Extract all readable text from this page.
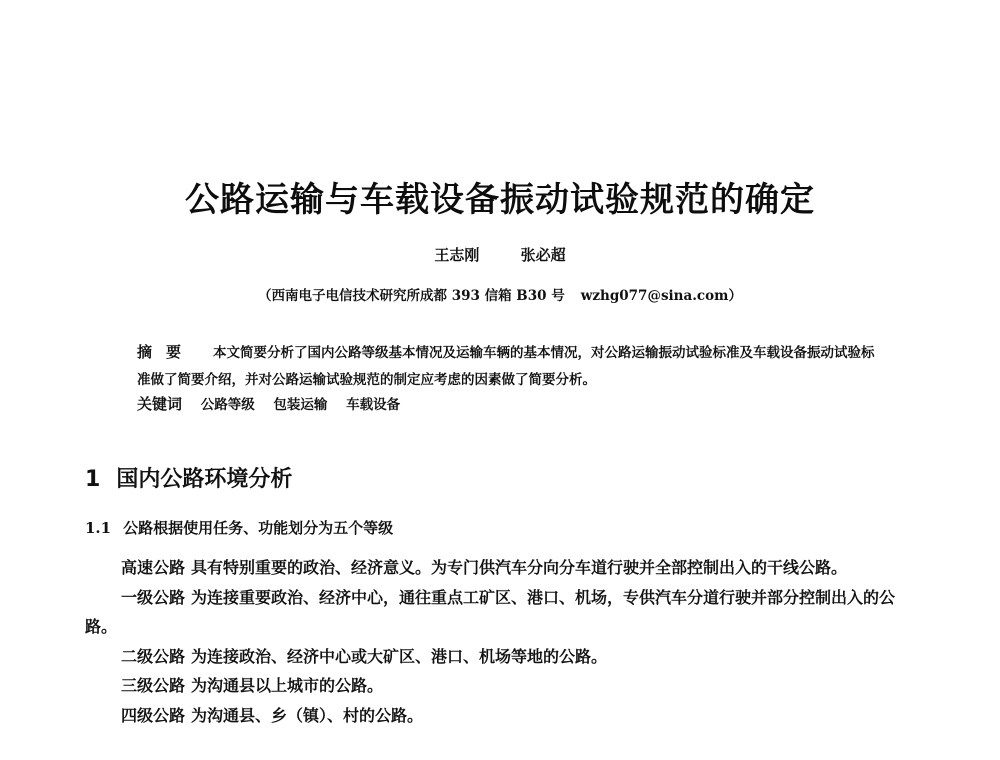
公路运输与车载设备振动试验规范的确定
王志刚	张必超
（西南电子电信技术研究所成都 393 信箱 B30 号 wzhg077@sina.com）
摘要 本文简要分析了国内公路等级基本情况及运输车辆的基本情况，对公路运输振动试验标准及车载设备振动试验标准做了简要介绍，并对公路运输试验规范的制定应考虑的因素做了简要分析。
关键词 公路等级 包装运输 车载设备
1 国内公路环境分析
1.1 公路根据使用任务、功能划分为五个等级

高速公路 具有特别重要的政治、经济意义。为专门供汽车分向分车道行驶并全部控制出入的干线公路。

一级公路 为连接重要政治、经济中心，通往重点工矿区、港口、机场，专供汽车分道行驶并部分控制出入的公路。

二级公路 为连接政治、经济中心或大矿区、港口、机场等地的公路。

三级公路 为沟通县以上城市的公路。

四级公路 为沟通县、乡（镇）、村的公路。
